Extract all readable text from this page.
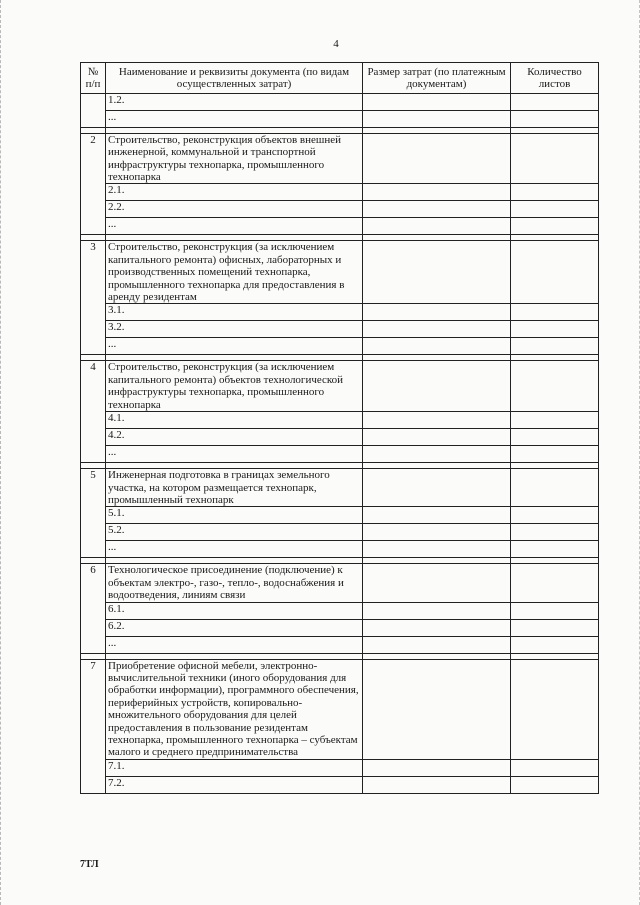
4
№ п/п	Наименование и реквизиты документа (по видам осуществленных затрат)	Размер затрат (по платежным документам)	Количество листов
	1.2.		
	...		

2	Строительство, реконструкция объектов внешней инженерной, коммунальной и транспортной инфраструктуры технопарка, промышленного технопарка		
	2.1.		
	2.2.		
	...		

3	Строительство, реконструкция (за исключением капитального ремонта) офисных, лабораторных и производственных помещений технопарка, промышленного технопарка для предоставления в аренду резидентам		
	3.1.		
	3.2.		
	...		

4	Строительство, реконструкция (за исключением капитального ремонта) объектов технологической инфраструктуры технопарка, промышленного технопарка		
	4.1.		
	4.2.		
	...		

5	Инженерная подготовка в границах земельного участка, на котором размещается технопарк, промышленный технопарк		
	5.1.		
	5.2.		
	...		

6	Технологическое присоединение (подключение) к объектам электро-, газо-, тепло-, водоснабжения и водоотведения, линиям связи		
	6.1.		
	6.2.		
	...		

7	Приобретение офисной мебели, электронно-вычислительной техники (иного оборудования для обработки информации), программного обеспечения, периферийных устройств, копировально-множительного оборудования для целей предоставления в пользование резидентам технопарка, промышленного технопарка – субъектам малого и среднего предпринимательства		
	7.1.		
	7.2.		
7ТЛ
